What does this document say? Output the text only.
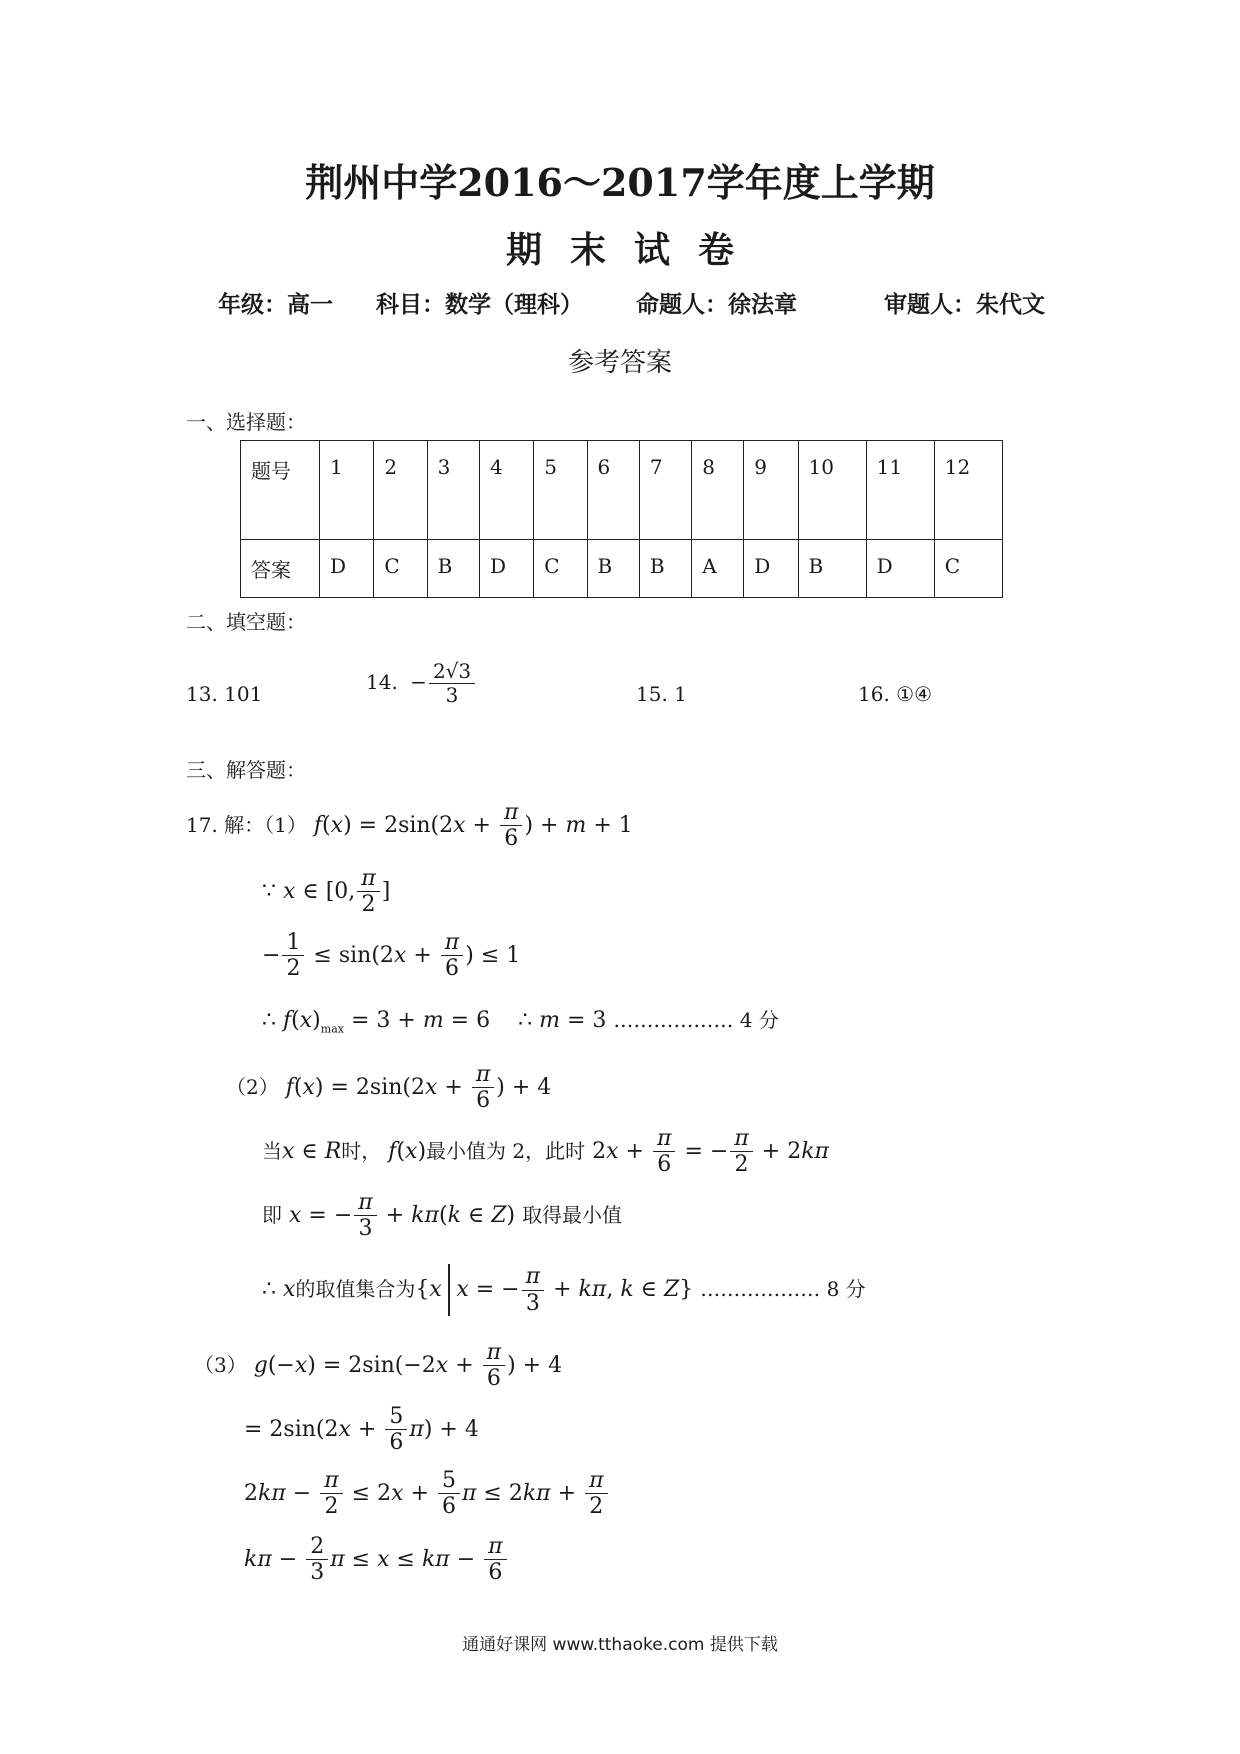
荆州中学2016～2017学年度上学期
期末试卷
年级：高一 科目：数学（理科） 命题人：徐法章	审题人：朱代文
参考答案
一、选择题：
题号	1	2	3	4	5	6	7	8	9	10	11	12
答案	D	C	B	D	C	B	B	A	D	B	D	C
二、填空题：
13. 101	14. − $\frac{2√3}{3}$	15. 1	16. ①④
三、解答题：
17. 解：（1） $f(x) = 2\sin(2x + \frac{\pi}{6}$ ) + m + 1
∵ x ∈ [0, $\frac{\pi}{2}$ ]
− $\frac{1}{2} \le \sin(2x + \frac{\pi}{6}$ ) ≤ 1
∴ $f(x)_{max} = 3 + m = 6$    ∴ m = 3 ……………… 4 分
（2） $f(x) = 2\sin(2x + \frac{\pi}{6}$ ) + 4
当x ∈ R时， f(x)最小值为 2，此时 $2x + \frac{\pi}{6}$ = − $\frac{\pi}{2} + 2k\pi$
即 x = − $\frac{\pi}{3} + k\pi(k$ ∈ Z) 取得最小值
∴ x的取值集合为{x x = − $\frac{\pi}{3} + k\pi$, k ∈ Z} ……………… 8 分
（3） $g(-x) = 2\sin(-2x + \frac{\pi}{6}$ ) + 4
= $2\sin(2x + \frac{5}{6} \pi) + 4$
$2k\pi - \frac{\pi}{2} \le 2x + \frac{5}{6}$ $\pi \le 2k\pi + \frac{\pi}{2}$
$k\pi - \frac{2}{3}$ $\pi \le x \le k\pi - \frac{\pi}{6}$
通通好课网 www.tthaoke.com 提供下载
